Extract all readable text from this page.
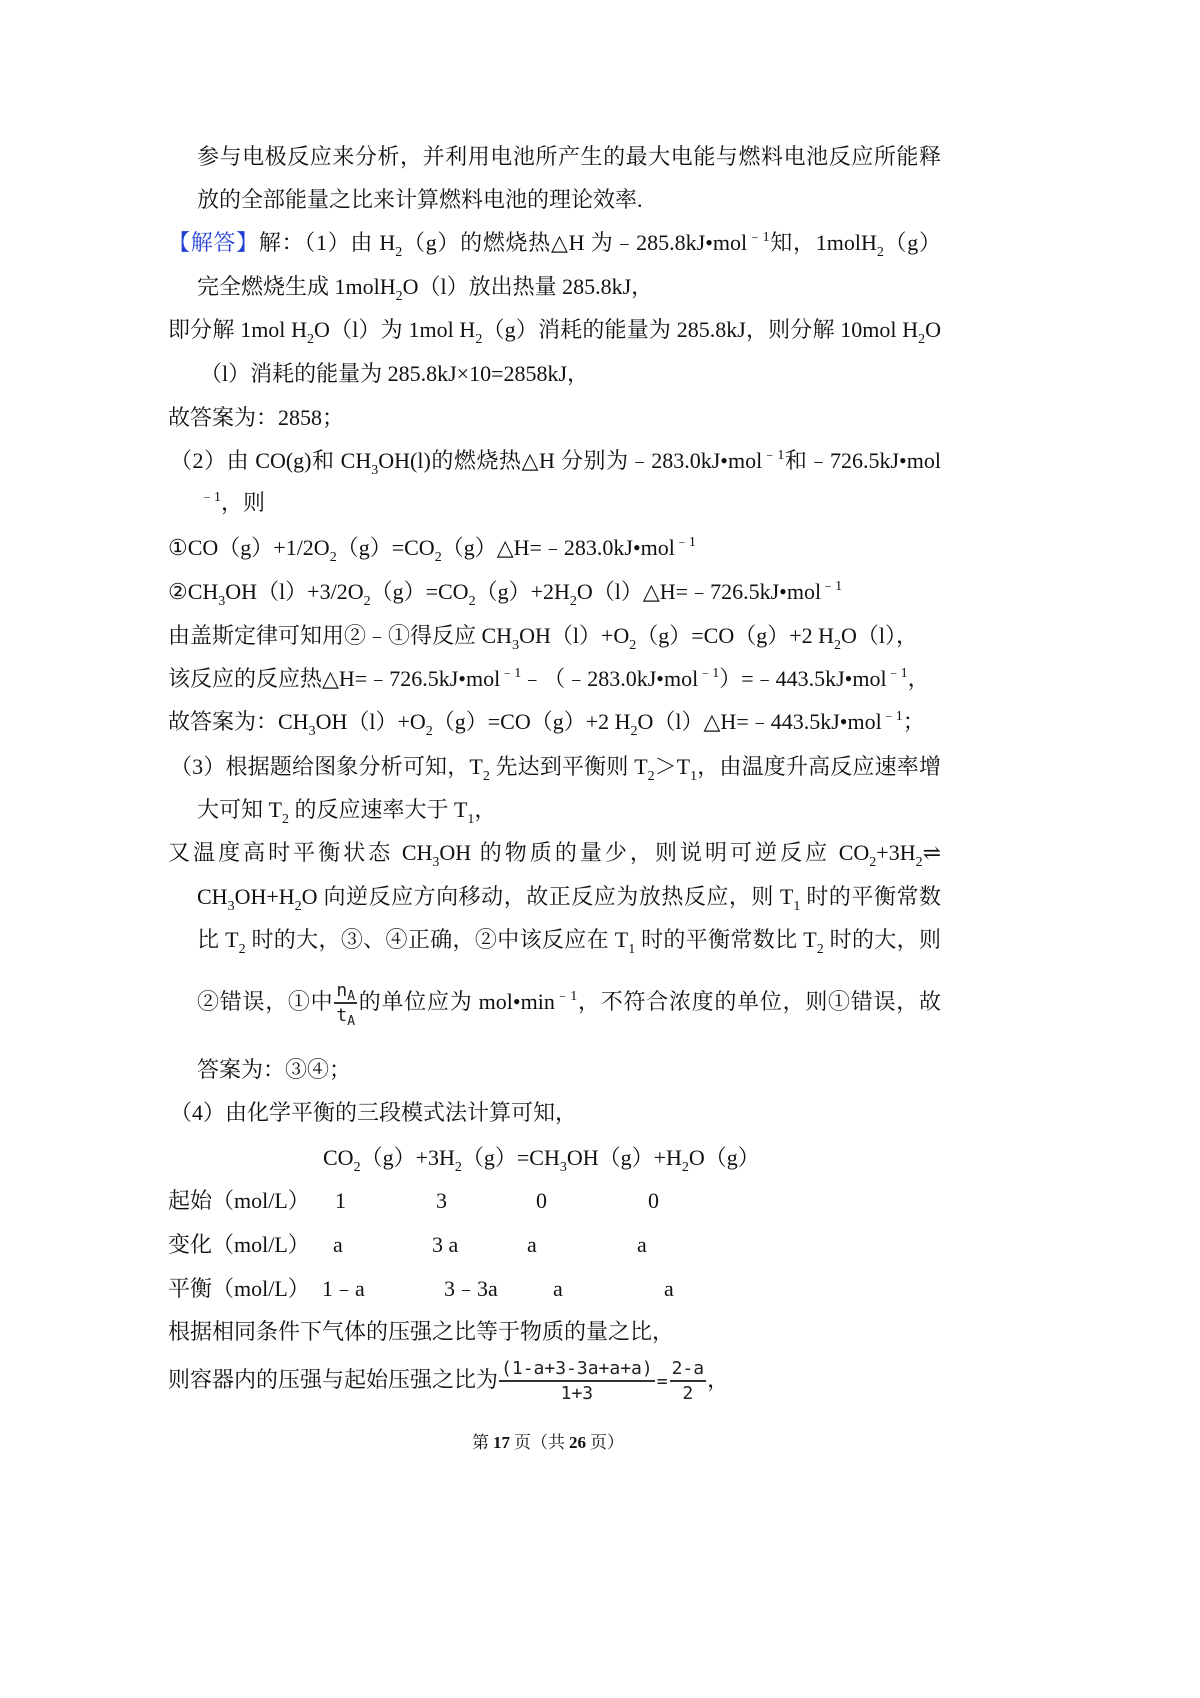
参与电极反应来分析，并利用电池所产生的最大电能与燃料电池反应所能释
放的全部能量之比来计算燃料电池的理论效率.
【解答】解：（1）由 $H_2(g)$的燃烧热△H 为﹣285.8kJ•mol$^{﹣1}$知，1molH$_2$（g）
完全燃烧生成 1molH$_2$O（l）放出热量 285.8kJ，
即分解 1mol $H_2O(l)$为 1mol $H_2(g)$消耗的能量为 285.8kJ，则分解 10mol $H_2O$
（l）消耗的能量为 285.8kJ×10=2858kJ，
故答案为：2858；
（2）由 CO(g)和 $CH_3OH(l)$的燃烧热△H 分别为﹣283.0kJ•mol$^{﹣1}$和﹣726.5kJ•mol
$^{﹣1}$，则
$①CO(g)+1/2O_2(g)=CO_2(g)\triangle H=﹣283.0kJ•mol^{﹣1}$
$②CH_3OH(l)+3/2O_2(g)=CO_2(g)+2H_2O(l)\triangle H=﹣726.5kJ•mol^{﹣1}$
由盖斯定律可知用②﹣①得反应 $CH_3OH(l)+O_2(g)=CO(g)+2$ $H_2O(l)$，
该反应的反应热△H=﹣726.5kJ•mol$^{﹣1}$﹣（﹣283.0kJ•mol$^{﹣1}$）=﹣443.5kJ•mol$^{﹣1}$，
故答案为：$CH_3OH(l)+O_2(g)=CO(g)+2$ $H_2O(l)\triangle H=﹣443.5kJ•mol^{﹣1}$；
（3）根据题给图象分析可知，$T_2$ 先达到平衡则 $T_2>T_1$，由温度升高反应速率增
大可知 $T_2$ 的反应速率大于 $T_1$，
又温度高时平衡状态 $CH_3OH$ 的物质的量少，则说明可逆反应 $CO_2+3H_2\rightleftharpoons$
$CH_3OH+H_2O$ 向逆反应方向移动，故正反应为放热反应，则 $T_1$ 时的平衡常数
比 $T_2$ 时的大，③、④正确，②中该反应在 $T_1$ 时的平衡常数比 $T_2$ 时的大，则
②错误，①中 $\frac{n_A}{t_A}$ 的单位应为 $mol•\min^{﹣1}$，不符合浓度的单位，则①错误，故
答案为：③④；
（4）由化学平衡的三段模式法计算可知，
$CO_2(g)+3H_2(g)=CH_3OH(g)+H_2O(g)$
根据相同条件下气体的压强之比等于物质的量之比，
则容器内的压强与起始压强之比为 $\frac{(1-a+3-3a+a+a)}{1+3} = \frac{2-a}{2}$ ，
起始（mol/L） 1	3	0	0
变化（mol/L） a	3 a	a	a
平衡（mol/L） 1﹣a	3﹣3a	a	a
第 17 页（共 26 页）
